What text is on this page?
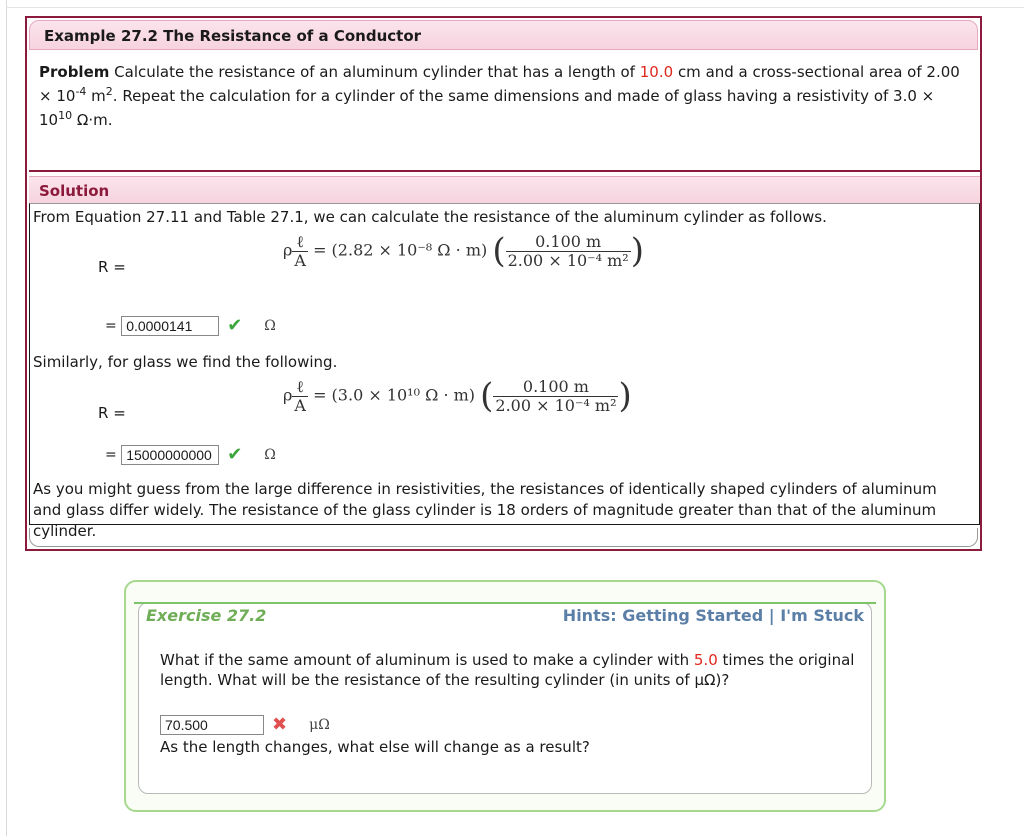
Example 27.2 The Resistance of a Conductor
Problem Calculate the resistance of an aluminum cylinder that has a length of 10.0 cm and a cross-sectional area of $2.00 \times 10^{-4}$ $m^2$. Repeat the calculation for a cylinder of the same dimensions and made of glass having a resistivity of $3.0 \times 10^{10}$ Ω·m.
Solution
From Equation 27.11 and Table 27.1, we can calculate the resistance of the aluminum cylinder as follows.
R =
ρ $\frac{\text{ℓ}}{A} = (2.82 \times 10^{-8}$ Ω · m) ( $\frac{0.100 m}{\text{2.00 × 10⁻⁴ m²}}$ )
=
0.0000141	✔ Ω
Similarly, for glass we find the following.
R =
ρ $\frac{\text{ℓ}}{A} = (3.0 \times 10^{10}$ Ω · m) ( $\frac{0.100 m}{\text{2.00 × 10⁻⁴ m²}}$ )
=
15000000000 ✔ Ω
As you might guess from the large difference in resistivities, the resistances of identically shaped cylinders of aluminum and glass differ widely. The resistance of the glass cylinder is 18 orders of magnitude greater than that of the aluminum cylinder.
Exercise 27.2	Hints: Getting Started | I'm Stuck
What if the same amount of aluminum is used to make a cylinder with 5.0 times the original length. What will be the resistance of the resulting cylinder (in units of μΩ)?
70.500	✖ μΩ
As the length changes, what else will change as a result?
